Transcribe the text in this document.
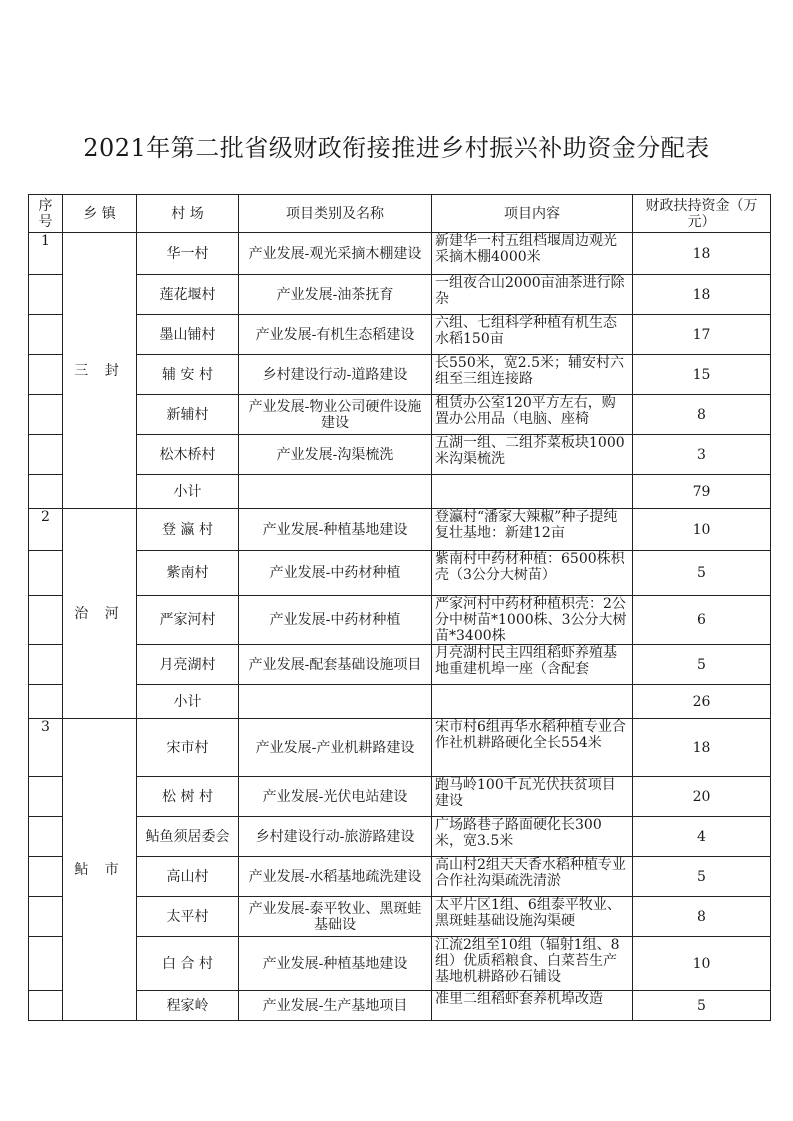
2021年第二批省级财政衔接推进乡村振兴补助资金分配表
序号	乡 镇	村 场	项目类别及名称	项目内容	财政扶持资金（万元）
1	三 封	华一村	产业发展-观光采摘木棚建设	新建华一村五组档堰周边观光采摘木棚4000米	18
		莲花堰村	产业发展-油茶抚育	一组夜合山2000亩油茶进行除杂	18
		墨山铺村	产业发展-有机生态稻建设	六组、七组科学种植有机生态水稻150亩	17
		辅 安 村	乡村建设行动-道路建设	长550米，宽2.5米；辅安村六组至三组连接路	15
		新辅村	产业发展-物业公司硬件设施建设	租赁办公室120平方左右，购置办公用品（电脑、座椅	8
		松木桥村	产业发展-沟渠梳洗	五湖一组、二组芥菜板块1000米沟渠梳洗	3
		小计			79
2	治 河	登 瀛 村	产业发展-种植基地建设	登瀛村“潘家大辣椒”种子提纯复壮基地：新建12亩	10
		紫南村	产业发展-中药材种植	紫南村中药材种植：6500株枳壳（3公分大树苗）	5
		严家河村	产业发展-中药材种植	严家河村中药材种植枳壳：2公分中树苗*1000株、3公分大树苗*3400株	6
		月亮湖村	产业发展-配套基础设施项目	月亮湖村民主四组稻虾养殖基地重建机埠一座（含配套	5
		小计			26
3	鲇 市	宋市村	产业发展-产业机耕路建设	宋市村6组再华水稻种植专业合作社机耕路硬化全长554米	18
		松 树 村	产业发展-光伏电站建设	跑马岭100千瓦光伏扶贫项目建设	20
		鲇鱼须居委会	乡村建设行动-旅游路建设	广场路巷子路面硬化长300米，宽3.5米	4
		高山村	产业发展-水稻基地疏洗建设	高山村2组天天香水稻种植专业合作社沟渠疏洗清淤	5
		太平村	产业发展-泰平牧业、黑斑蛙基础设	太平片区1组、6组泰平牧业、黑斑蛙基础设施沟渠硬	8
		白 合 村	产业发展-种植基地建设	江流2组至10组（辐射1组、8组）优质稻粮食、白菜苔生产基地机耕路砂石铺设	10
		程家岭	产业发展-生产基地项目	准里二组稻虾套养机埠改造	5
